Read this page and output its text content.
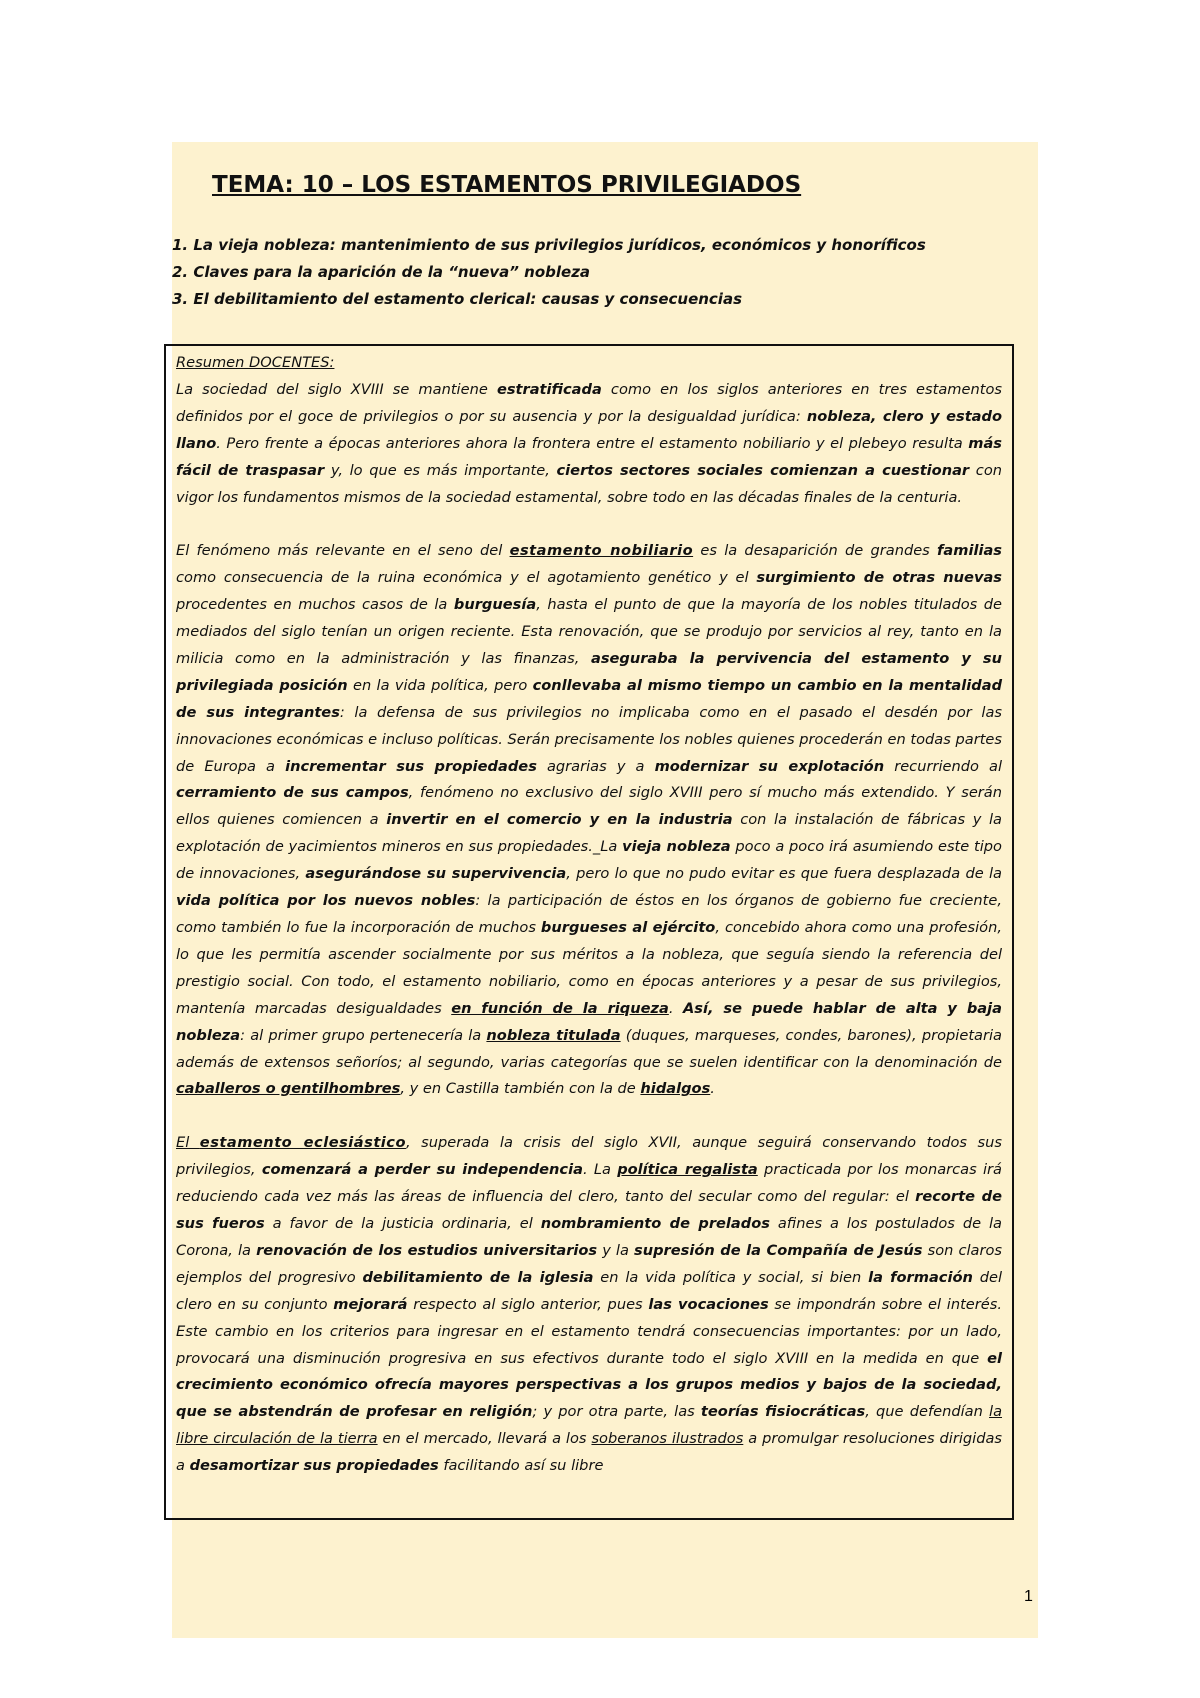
TEMA: 10 – LOS ESTAMENTOS PRIVILEGIADOS
1. La vieja nobleza: mantenimiento de sus privilegios jurídicos, económicos y honoríficos
2. Claves para la aparición de la “nueva” nobleza
3. El debilitamiento del estamento clerical: causas y consecuencias
Resumen DOCENTES:

La sociedad del siglo XVIII se mantiene estratificada como en los siglos anteriores en tres estamentos definidos por el goce de privilegios o por su ausencia y por la desigualdad jurídica: nobleza, clero y estado llano. Pero frente a épocas anteriores ahora la frontera entre el estamento nobiliario y el plebeyo resulta más fácil de traspasar y, lo que es más importante, ciertos sectores sociales comienzan a cuestionar con vigor los fundamentos mismos de la sociedad estamental, sobre todo en las décadas finales de la centuria.

El fenómeno más relevante en el seno del estamento nobiliario es la desaparición de grandes familias como consecuencia de la ruina económica y el agotamiento genético y el surgimiento de otras nuevas procedentes en muchos casos de la burguesía, hasta el punto de que la mayoría de los nobles titulados de mediados del siglo tenían un origen reciente. Esta renovación, que se produjo por servicios al rey, tanto en la milicia como en la administración y las finanzas, aseguraba la pervivencia del estamento y su privilegiada posición en la vida política, pero conllevaba al mismo tiempo un cambio en la mentalidad de sus integrantes: la defensa de sus privilegios no implicaba como en el pasado el desdén por las innovaciones económicas e incluso políticas. Serán precisamente los nobles quienes procederán en todas partes de Europa a incrementar sus propiedades agrarias y a modernizar su explotación recurriendo al cerramiento de sus campos, fenómeno no exclusivo del siglo XVIII pero sí mucho más extendido. Y serán ellos quienes comiencen a invertir en el comercio y en la industria con la instalación de fábricas y la explotación de yacimientos mineros en sus propiedades._La vieja nobleza poco a poco irá asumiendo este tipo de innovaciones, asegurándose su supervivencia, pero lo que no pudo evitar es que fuera desplazada de la vida política por los nuevos nobles: la participación de éstos en los órganos de gobierno fue creciente, como también lo fue la incorporación de muchos burgueses al ejército, concebido ahora como una profesión, lo que les permitía ascender socialmente por sus méritos a la nobleza, que seguía siendo la referencia del prestigio social. Con todo, el estamento nobiliario, como en épocas anteriores y a pesar de sus privilegios, mantenía marcadas desigualdades en función de la riqueza. Así, se puede hablar de alta y baja nobleza: al primer grupo pertenecería la nobleza titulada (duques, marqueses, condes, barones), propietaria además de extensos señoríos; al segundo, varias categorías que se suelen identificar con la denominación de caballeros o gentilhombres, y en Castilla también con la de hidalgos.

El estamento eclesiástico, superada la crisis del siglo XVII, aunque seguirá conservando todos sus privilegios, comenzará a perder su independencia. La política regalista practicada por los monarcas irá reduciendo cada vez más las áreas de influencia del clero, tanto del secular como del regular: el recorte de sus fueros a favor de la justicia ordinaria, el nombramiento de prelados afines a los postulados de la Corona, la renovación de los estudios universitarios y la supresión de la Compañía de Jesús son claros ejemplos del progresivo debilitamiento de la iglesia en la vida política y social, si bien la formación del clero en su conjunto mejorará respecto al siglo anterior, pues las vocaciones se impondrán sobre el interés. Este cambio en los criterios para ingresar en el estamento tendrá consecuencias importantes: por un lado, provocará una disminución progresiva en sus efectivos durante todo el siglo XVIII en la medida en que el crecimiento económico ofrecía mayores perspectivas a los grupos medios y bajos de la sociedad, que se abstendrán de profesar en religión; y por otra parte, las teorías fisiocráticas, que defendían la libre circulación de la tierra en el mercado, llevará a los soberanos ilustrados a promulgar resoluciones dirigidas a desamortizar sus propiedades facilitando así su libre

1
